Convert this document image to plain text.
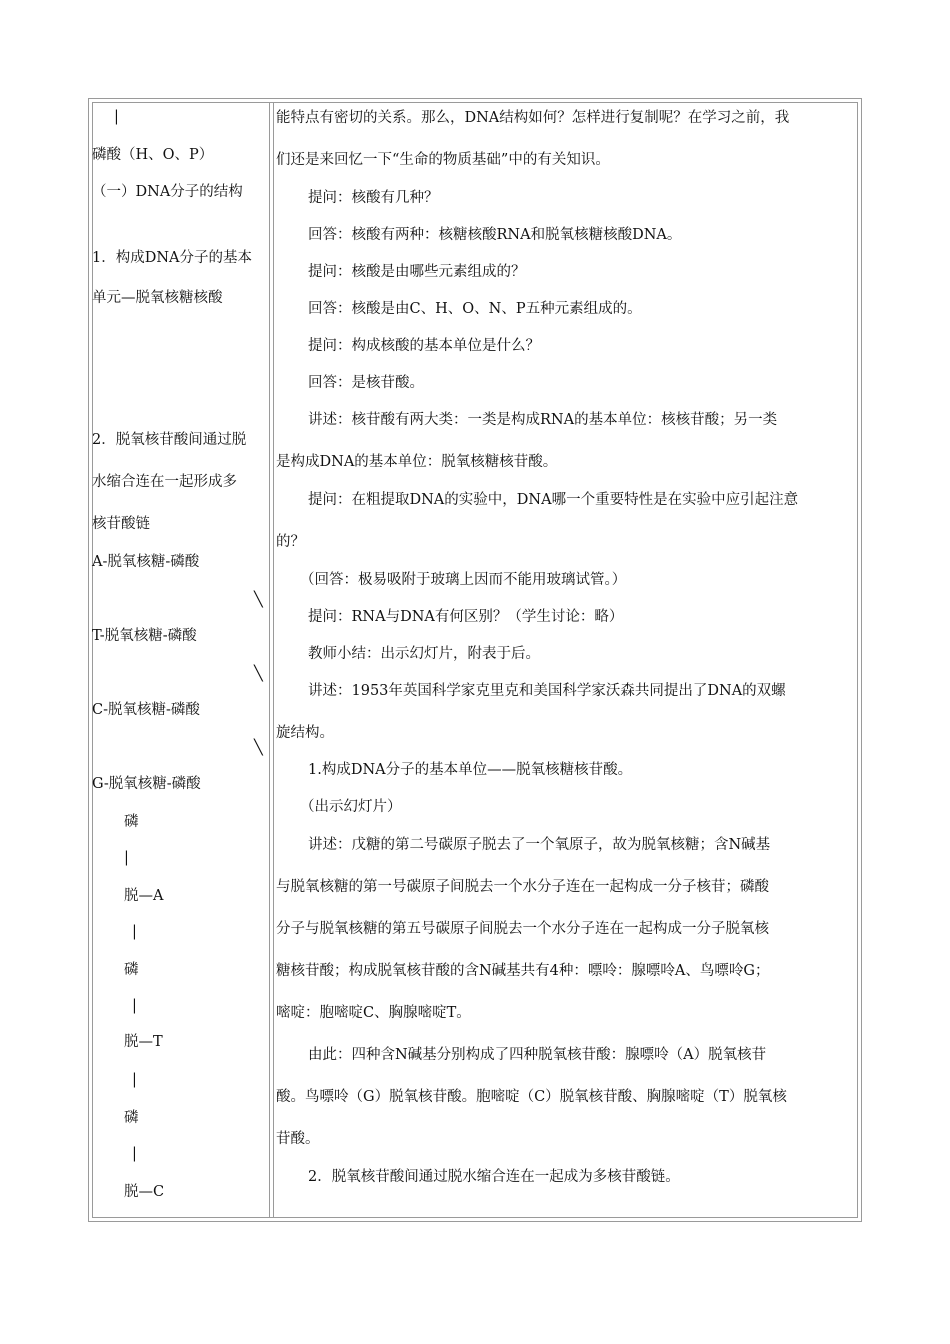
|
磷酸（H、O、P）
（一）DNA分子的结构
1．构成DNA分子的基本
单元—脱氧核糖核酸
2．脱氧核苷酸间通过脱
水缩合连在一起形成多
核苷酸链
A-脱氧核糖-磷酸
╲
T-脱氧核糖-磷酸
╲
C-脱氧核糖-磷酸
╲
G-脱氧核糖-磷酸
磷
|
脱—A
|
磷
|
脱—T
|
磷
|
脱—C
能特点有密切的关系。那么，DNA结构如何？怎样进行复制呢？在学习之前，我
们还是来回忆一下“生命的物质基础”中的有关知识。
提问：核酸有几种？
回答：核酸有两种：核糖核酸RNA和脱氧核糖核酸DNA。
提问：核酸是由哪些元素组成的？
回答：核酸是由C、H、O、N、P五种元素组成的。
提问：构成核酸的基本单位是什么？
回答：是核苷酸。
讲述：核苷酸有两大类：一类是构成RNA的基本单位：核核苷酸；另一类
是构成DNA的基本单位：脱氧核糖核苷酸。
提问：在粗提取DNA的实验中，DNA哪一个重要特性是在实验中应引起注意
的？
（回答：极易吸附于玻璃上因而不能用玻璃试管。）
提问：RNA与DNA有何区别？（学生讨论：略）
教师小结：出示幻灯片，附表于后。
讲述：1953年英国科学家克里克和美国科学家沃森共同提出了DNA的双螺
旋结构。
1.构成DNA分子的基本单位——脱氧核糖核苷酸。
（出示幻灯片）
讲述：戊糖的第二号碳原子脱去了一个氧原子，故为脱氧核糖；含N碱基
与脱氧核糖的第一号碳原子间脱去一个水分子连在一起构成一分子核苷；磷酸
分子与脱氧核糖的第五号碳原子间脱去一个水分子连在一起构成一分子脱氧核
糖核苷酸；构成脱氧核苷酸的含N碱基共有4种：嘌呤：腺嘌呤A、鸟嘌呤G；
嘧啶：胞嘧啶C、胸腺嘧啶T。
由此：四种含N碱基分别构成了四种脱氧核苷酸：腺嘌呤（A）脱氧核苷
酸。鸟嘌呤（G）脱氧核苷酸。胞嘧啶（C）脱氧核苷酸、胸腺嘧啶（T）脱氧核
苷酸。
2．脱氧核苷酸间通过脱水缩合连在一起成为多核苷酸链。
